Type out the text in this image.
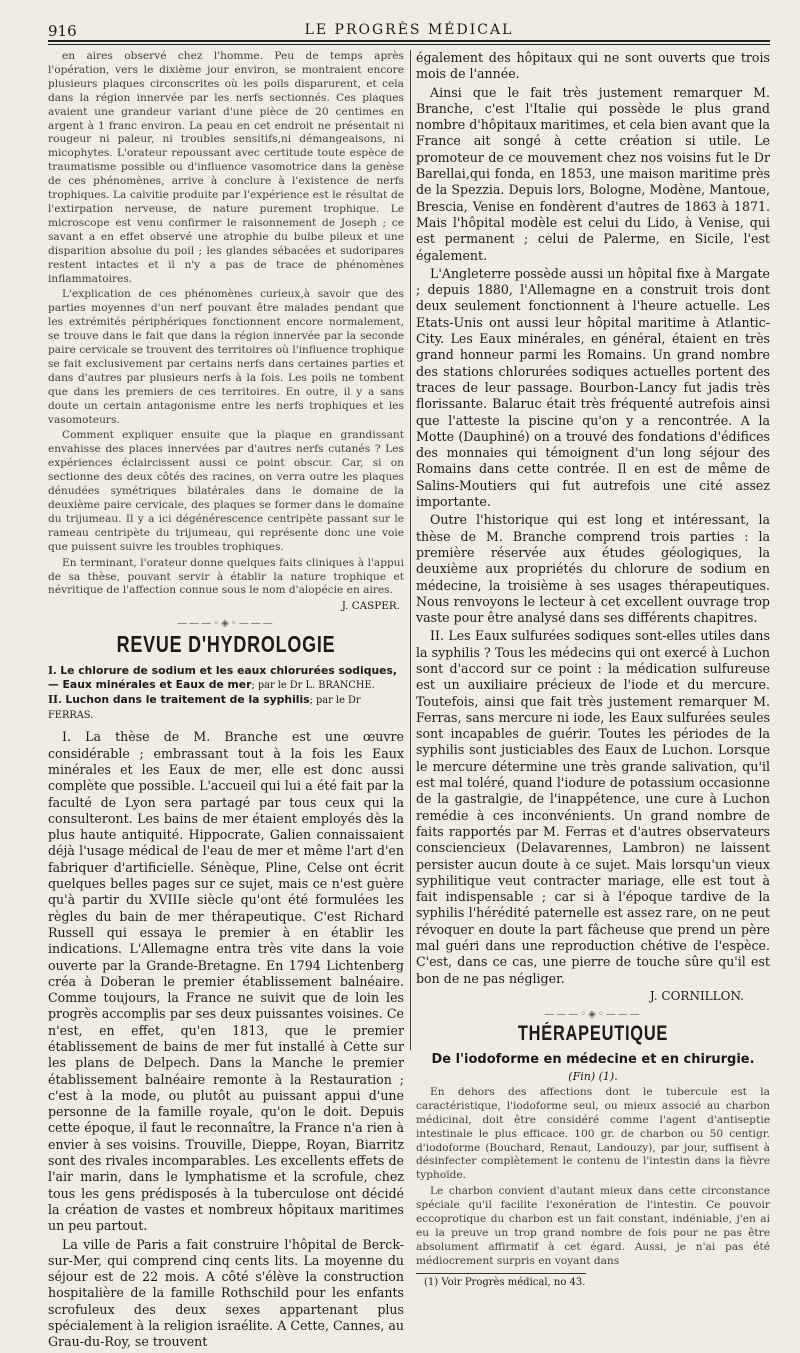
916	LE PROGRÈS MÉDICAL

en aires observé chez l'homme. Peu de temps après l'opération, vers le dixième jour environ, se montraient encore plusieurs plaques circonscrites où les poils disparurent, et cela dans la région innervée par les nerfs sectionnés. Ces plaques avaient une grandeur variant d'une pièce de 20 centimes en argent à 1 franc environ. La peau en cet endroit ne présentait ni rougeur ni paleur, ni troubles sensitifs,ni démangeaisons, ni micophytes. L'orateur repoussant avec certitude toute espèce de traumatisme possible ou d'influence vasomotrice dans la genèse de ces phénomènes, arrive à conclure à l'existence de nerfs trophiques. La calvitie produite par l'expérience est le résultat de l'extirpation nerveuse, de nature purement trophique. Le microscope est venu confirmer le raisonnement de Joseph ; ce savant a en effet observé une atrophie du bulbe pileux et une disparition absolue du poil ; les glandes sébacées et sudoripares restent intactes et il n'y a pas de trace de phénomènes inflammatoires.

L'explication de ces phénomènes curieux,à savoir que des parties moyennes d'un nerf pouvant être malades pendant que les extrémités périphériques fonctionnent encore normalement, se trouve dans le fait que dans la région innervée par la seconde paire cervicale se trouvent des territoires où l'influence trophique se fait exclusivement par certains nerfs dans certaines parties et dans d'autres par plusieurs nerfs à la fois. Les poils ne tombent que dans les premiers de ces territoires. En outre, il y a sans doute un certain antagonisme entre les nerfs trophiques et les vasomoteurs.

Comment expliquer ensuite que la plaque en grandissant envahisse des places innervées par d'autres nerfs cutanés ? Les expériences éclaircissent aussi ce point obscur. Car, si on sectionne des deux côtés des racines, on verra outre les plaques dénudées symétriques bilatérales dans le domaine de la deuxième paire cervicale, des plaques se former dans le domaine du trijumeau. Il y a ici dégénérescence centripète passant sur le rameau centripète du trijumeau, qui représente donc une voie que puissent suivre les troubles trophiques.

En terminant, l'orateur donne quelques faits cliniques à l'appui de sa thèse, pouvant servir à établir la nature trophique et névritique de l'affection connue sous le nom d'alopécie en aires.

J. CASPER.
———◦◈◦———
REVUE D'HYDROLOGIE
I. Le chlorure de sodium et les eaux chlorurées sodiques, — Eaux minérales et Eaux de mer; par le Dr L. BRANCHE.
II. Luchon dans le traitement de la syphilis; par le Dr FERRAS.

I. La thèse de M. Branche est une œuvre considérable ; embrassant tout à la fois les Eaux minérales et les Eaux de mer, elle est donc aussi complète que possible. L'accueil qui lui a été fait par la faculté de Lyon sera partagé par tous ceux qui la consulteront. Les bains de mer étaient employés dès la plus haute antiquité. Hippocrate, Galien connaissaient déjà l'usage médical de l'eau de mer et même l'art d'en fabriquer d'artificielle. Sénèque, Pline, Celse ont écrit quelques belles pages sur ce sujet, mais ce n'est guère qu'à partir du XVIIIe siècle qu'ont été formulées les règles du bain de mer thérapeutique. C'est Richard Russell qui essaya le premier à en établir les indications. L'Allemagne entra très vite dans la voie ouverte par la Grande-Bretagne. En 1794 Lichtenberg créa à Doberan le premier établissement balnéaire. Comme toujours, la France ne suivit que de loin les progrès accomplis par ses deux puissantes voisines. Ce n'est, en effet, qu'en 1813, que le premier établissement de bains de mer fut installé à Cette sur les plans de Delpech. Dans la Manche le premier établissement balnéaire remonte à la Restauration ; c'est à la mode, ou plutôt au puissant appui d'une personne de la famille royale, qu'on le doit. Depuis cette époque, il faut le reconnaître, la France n'a rien à envier à ses voisins. Trouville, Dieppe, Royan, Biarritz sont des rivales incomparables. Les excellents effets de l'air marin, dans le lymphatisme et la scrofule, chez tous les gens prédisposés à la tuberculose ont décidé la création de vastes et nombreux hôpitaux maritimes un peu partout.

La ville de Paris a fait construire l'hôpital de Berck-sur-Mer, qui comprend cinq cents lits. La moyenne du séjour est de 22 mois. A côté s'élève la construction hospitalière de la famille Rothschild pour les enfants scrofuleux des deux sexes appartenant plus spécialement à la religion israélite. A Cette, Cannes, au Grau-du-Roy, se trouvent

également des hôpitaux qui ne sont ouverts que trois mois de l'année.

Ainsi que le fait très justement remarquer M. Branche, c'est l'Italie qui possède le plus grand nombre d'hôpitaux maritimes, et cela bien avant que la France ait songé à cette création si utile. Le promoteur de ce mouvement chez nos voisins fut le Dr Barellai,qui fonda, en 1853, une maison maritime près de la Spezzia. Depuis lors, Bologne, Modène, Mantoue, Brescia, Venise en fondèrent d'autres de 1863 à 1871. Mais l'hôpital modèle est celui du Lido, à Venise, qui est permanent ; celui de Palerme, en Sicile, l'est également.

L'Angleterre possède aussi un hôpital fixe à Margate ; depuis 1880, l'Allemagne en a construit trois dont deux seulement fonctionnent à l'heure actuelle. Les Etats-Unis ont aussi leur hôpital maritime à Atlantic-City. Les Eaux minérales, en général, étaient en très grand honneur parmi les Romains. Un grand nombre des stations chlorurées sodiques actuelles portent des traces de leur passage. Bourbon-Lancy fut jadis très florissante. Balaruc était très fréquenté autrefois ainsi que l'atteste la piscine qu'on y a rencontrée. A la Motte (Dauphiné) on a trouvé des fondations d'édifices des monnaies qui témoignent d'un long séjour des Romains dans cette contrée. Il en est de même de Salins-Moutiers qui fut autrefois une cité assez importante.

Outre l'historique qui est long et intéressant, la thèse de M. Branche comprend trois parties : la première réservée aux études géologiques, la deuxième aux propriétés du chlorure de sodium en médecine, la troisième à ses usages thérapeutiques. Nous renvoyons le lecteur à cet excellent ouvrage trop vaste pour être analysé dans ses différents chapitres.

II. Les Eaux sulfurées sodiques sont-elles utiles dans la syphilis ? Tous les médecins qui ont exercé à Luchon sont d'accord sur ce point : la médication sulfureuse est un auxiliaire précieux de l'iode et du mercure. Toutefois, ainsi que fait très justement remarquer M. Ferras, sans mercure ni iode, les Eaux sulfurées seules sont incapables de guérir. Toutes les périodes de la syphilis sont justiciables des Eaux de Luchon. Lorsque le mercure détermine une très grande salivation, qu'il est mal toléré, quand l'iodure de potassium occasionne de la gastralgie, de l'inappétence, une cure à Luchon remédie à ces inconvénients. Un grand nombre de faits rapportés par M. Ferras et d'autres observateurs consciencieux (Delavarennes, Lambron) ne laissent persister aucun doute à ce sujet. Mais lorsqu'un vieux syphilitique veut contracter mariage, elle est tout à fait indispensable ; car si à l'époque tardive de la syphilis l'hérédité paternelle est assez rare, on ne peut révoquer en doute la part fâcheuse que prend un père mal guéri dans une reproduction chétive de l'espèce. C'est, dans ce cas, une pierre de touche sûre qu'il est bon de ne pas négliger.

J. CORNILLON.
———◦◈◦———
THÉRAPEUTIQUE
De l'iodoforme en médecine et en chirurgie.
(Fin) (1).

En dehors des affections dont le tubercule est la caractéristique, l'iodoforme seul, ou mieux associé au charbon médicinal, doit être considéré comme l'agent d'antiseptie intestinale le plus efficace. 100 gr. de charbon ou 50 centigr. d'iodoforme (Bouchard, Renaut, Landouzy), par jour, suffisent à désinfecter complètement le contenu de l'intestin dans la fièvre typhoïde.

Le charbon convient d'autant mieux dans cette circonstance spéciale qu'il facilite l'exonération de l'intestin. Ce pouvoir eccoprotique du charbon est un fait constant, indéniable, j'en ai eu la preuve un trop grand nombre de fois pour ne pas être absolument affirmatif à cet égard. Aussi, je n'ai pas été médiocrement surpris en voyant dans

(1) Voir Progrès médical, no 43.
